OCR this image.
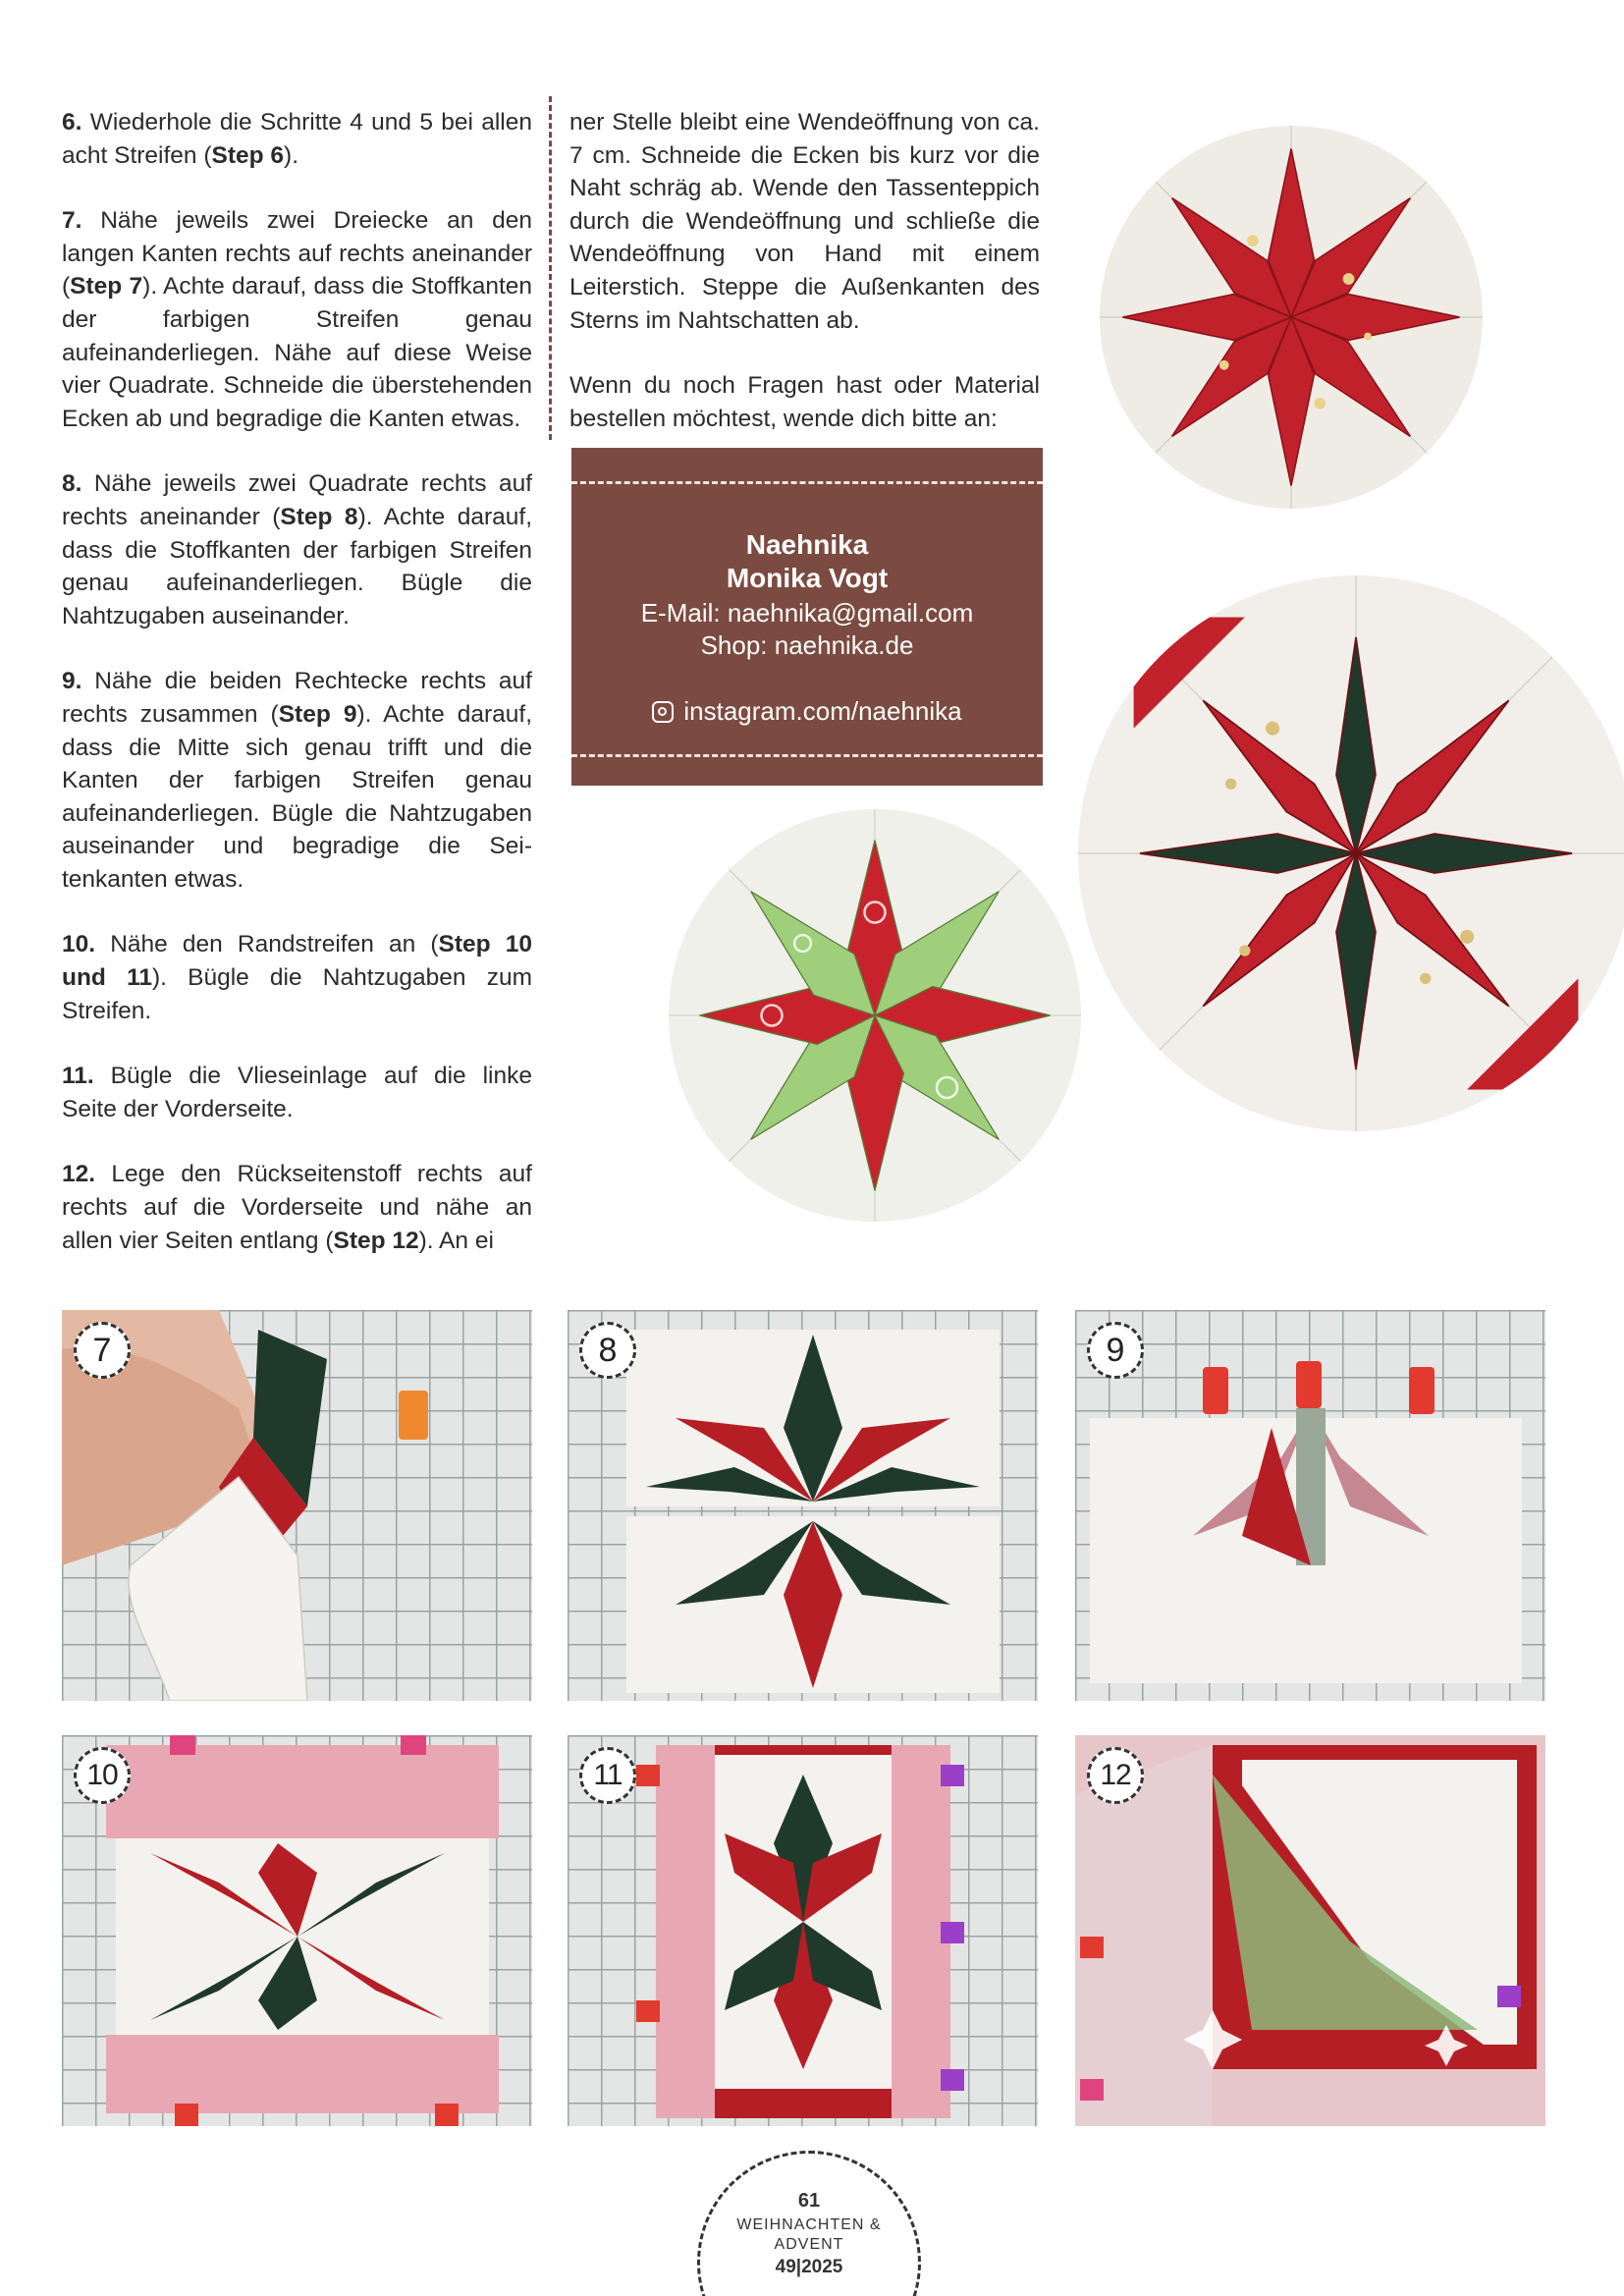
6. Wiederhole die Schritte 4 und 5 bei allen acht Streifen (Step 6).

7. Nähe jeweils zwei Dreiecke an den langen Kanten rechts auf rechts aneinander (Step 7). Achte darauf, dass die Stoffkanten der farbigen Streifen genau aufeinanderliegen. Nähe auf diese Weise vier Quadrate. Schneide die überstehenden Ecken ab und begradige die Kanten etwas.

8. Nähe jeweils zwei Quadrate rechts auf rechts aneinander (Step 8). Achte darauf, dass die Stoffkanten der farbigen Streifen genau aufeinanderliegen. Bügle die Nahtzugaben auseinander.

9. Nähe die beiden Rechtecke rechts auf rechts zusammen (Step 9). Achte darauf, dass die Mitte sich genau trifft und die Kanten der farbigen Streifen genau aufeinanderliegen. Bügle die Nahtzugaben auseinander und begradige die Seitenkanten etwas.

10. Nähe den Randstreifen an (Step 10 und 11). Bügle die Nahtzugaben zum Streifen.

11. Bügle die Vlieseinlage auf die linke Seite der Vorderseite.

12. Lege den Rückseitenstoff rechts auf rechts auf die Vorderseite und nähe an allen vier Seiten entlang (Step 12). An ei

ner Stelle bleibt eine Wendeöffnung von ca. 7 cm. Schneide die Ecken bis kurz vor die Naht schräg ab. Wende den Tassenteppich durch die Wendeöffnung und schließe die Wendeöffnung von Hand mit einem Leiterstich. Steppe die Außenkanten des Sterns im Nahtschatten ab.

Wenn du noch Fragen hast oder Material bestellen möchtest, wende dich bitte an:

Naehnika
Monika Vogt
E-Mail: naehnika@gmail.com
Shop: naehnika.de
instagram.com/naehnika
7	8	9
10	11	12
61
WEIHNACHTEN &
ADVENT
49|2025
